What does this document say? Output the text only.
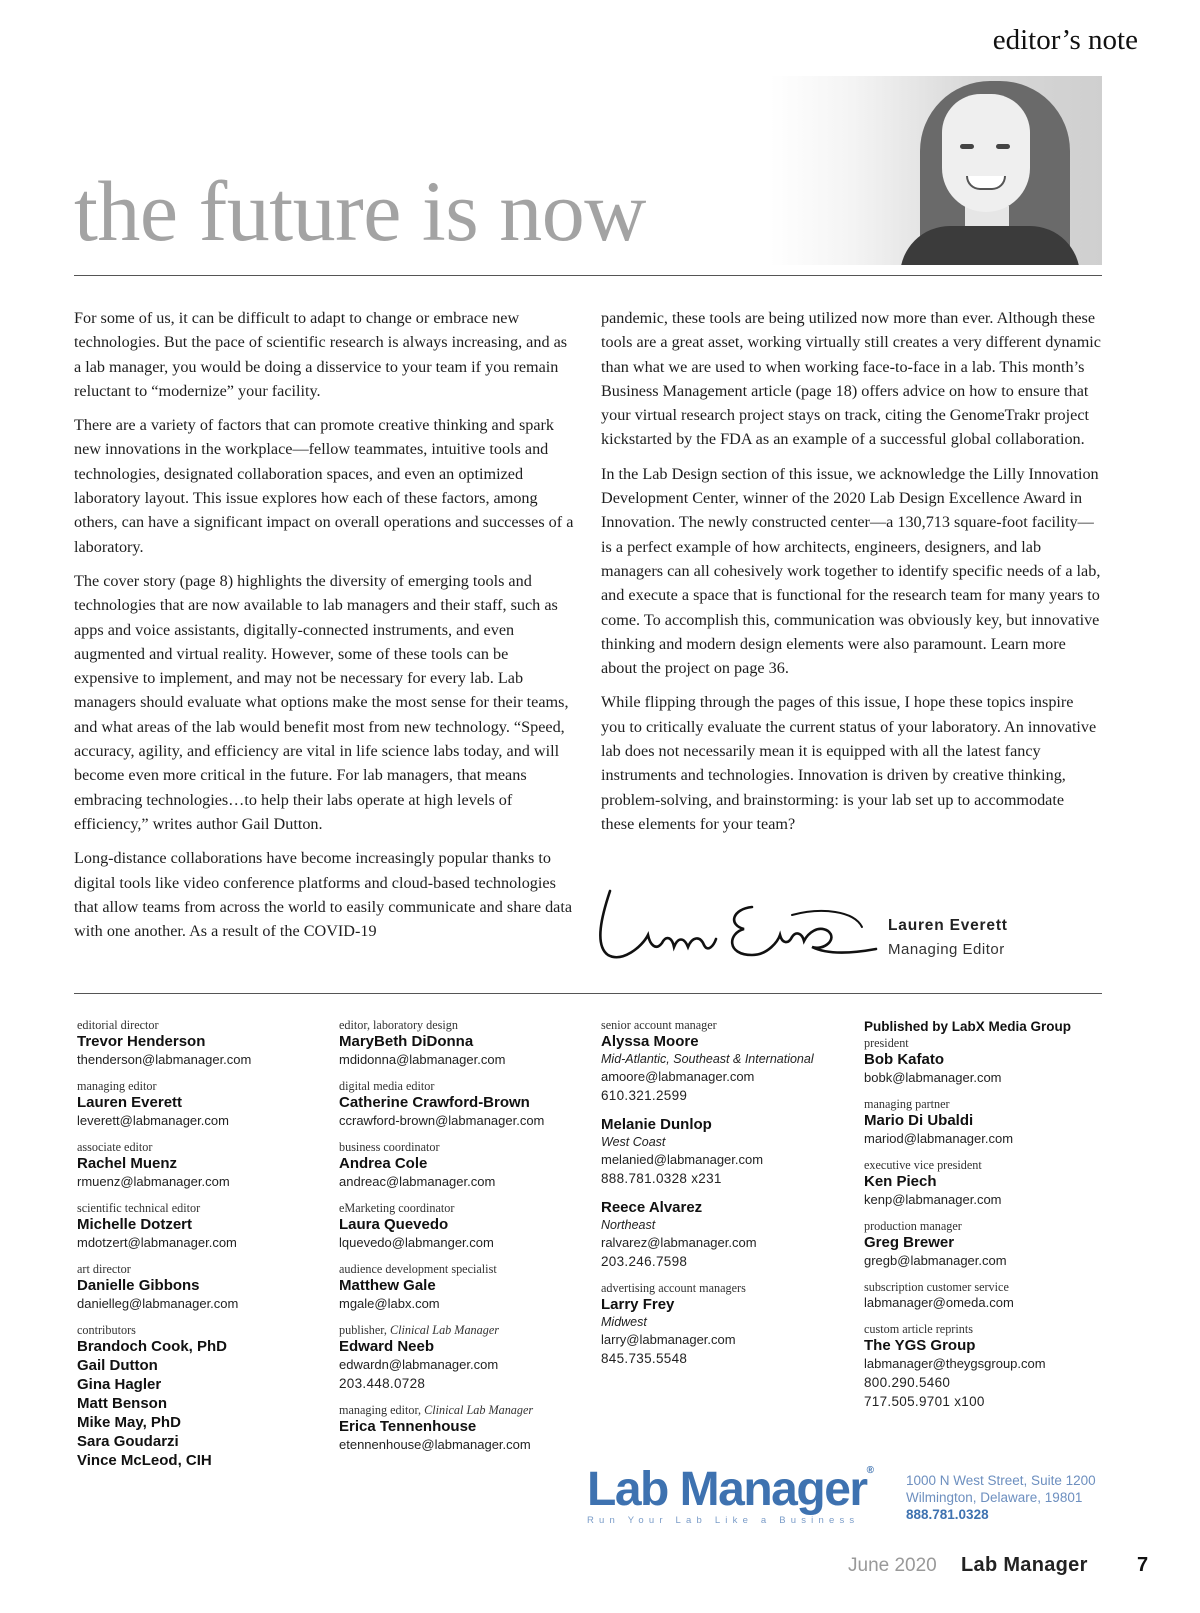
editor’s note
the future is now

For some of us, it can be difficult to adapt to change or embrace new technologies. But the pace of scientific research is always increasing, and as a lab manager, you would be doing a disservice to your team if you remain reluctant to “modernize” your facility.

There are a variety of factors that can promote creative thinking and spark new innovations in the workplace—fellow teammates, intuitive tools and technologies, designated collaboration spaces, and even an optimized laboratory layout. This issue explores how each of these factors, among others, can have a significant impact on overall operations and successes of a laboratory.

The cover story (page 8) highlights the diversity of emerging tools and technologies that are now available to lab managers and their staff, such as apps and voice assistants, digitally-connected instruments, and even augmented and virtual reality. However, some of these tools can be expensive to implement, and may not be necessary for every lab. Lab managers should evaluate what options make the most sense for their teams, and what areas of the lab would benefit most from new technology. “Speed, accuracy, agility, and efficiency are vital in life science labs today, and will become even more critical in the future. For lab managers, that means embracing technologies…to help their labs operate at high levels of efficiency,” writes author Gail Dutton.

Long-distance collaborations have become increasingly popular thanks to digital tools like video conference platforms and cloud-based technologies that allow teams from across the world to easily communicate and share data with one another. As a result of the COVID-19

pandemic, these tools are being utilized now more than ever. Although these tools are a great asset, working virtually still creates a very different dynamic than what we are used to when working face-to-face in a lab. This month’s Business Management article (page 18) offers advice on how to ensure that your virtual research project stays on track, citing the GenomeTrakr project kickstarted by the FDA as an example of a successful global collaboration.

In the Lab Design section of this issue, we acknowledge the Lilly Innovation Development Center, winner of the 2020 Lab Design Excellence Award in Innovation. The newly constructed center—a 130,713 square-foot facility—is a perfect example of how architects, engineers, designers, and lab managers can all cohesively work together to identify specific needs of a lab, and execute a space that is functional for the research team for many years to come. To accomplish this, communication was obviously key, but innovative thinking and modern design elements were also paramount. Learn more about the project on page 36.

While flipping through the pages of this issue, I hope these topics inspire you to critically evaluate the current status of your laboratory. An innovative lab does not necessarily mean it is equipped with all the latest fancy instruments and technologies. Innovation is driven by creative thinking, problem-solving, and brainstorming: is your lab set up to accommodate these elements for your team?

Lauren Everett
Managing Editor
editorial director
Trevor Henderson
thenderson@labmanager.com
managing editor
Lauren Everett
leverett@labmanager.com
associate editor
Rachel Muenz
rmuenz@labmanager.com
scientific technical editor
Michelle Dotzert
mdotzert@labmanager.com
art director
Danielle Gibbons
danielleg@labmanager.com
contributors
Brandoch Cook, PhD
Gail Dutton
Gina Hagler
Matt Benson
Mike May, PhD
Sara Goudarzi
Vince McLeod, CIH
editor, laboratory design
MaryBeth DiDonna
mdidonna@labmanager.com
digital media editor
Catherine Crawford-Brown
ccrawford-brown@labmanager.com
business coordinator
Andrea Cole
andreac@labmanager.com
eMarketing coordinator
Laura Quevedo
lquevedo@labmanger.com
audience development specialist
Matthew Gale
mgale@labx.com
publisher, Clinical Lab Manager
Edward Neeb
edwardn@labmanager.com
203.448.0728
managing editor, Clinical Lab Manager
Erica Tennenhouse
etennenhouse@labmanager.com
senior account manager
Alyssa Moore
Mid-Atlantic, Southeast & International
amoore@labmanager.com
610.321.2599
Melanie Dunlop
West Coast
melanied@labmanager.com
888.781.0328 x231
Reece Alvarez
Northeast
ralvarez@labmanager.com
203.246.7598
advertising account managers
Larry Frey
Midwest
larry@labmanager.com
845.735.5548
Published by LabX Media Group
president
Bob Kafato
bobk@labmanager.com
managing partner
Mario Di Ubaldi
mariod@labmanager.com
executive vice president
Ken Piech
kenp@labmanager.com
production manager
Greg Brewer
gregb@labmanager.com
subscription customer service
labmanager@omeda.com
custom article reprints
The YGS Group
labmanager@theygsgroup.com
800.290.5460
717.505.9701 x100
Lab Manager®
Run Your Lab Like a Business
1000 N West Street, Suite 1200
Wilmington, Delaware, 19801
888.781.0328
June 2020 Lab Manager 7
